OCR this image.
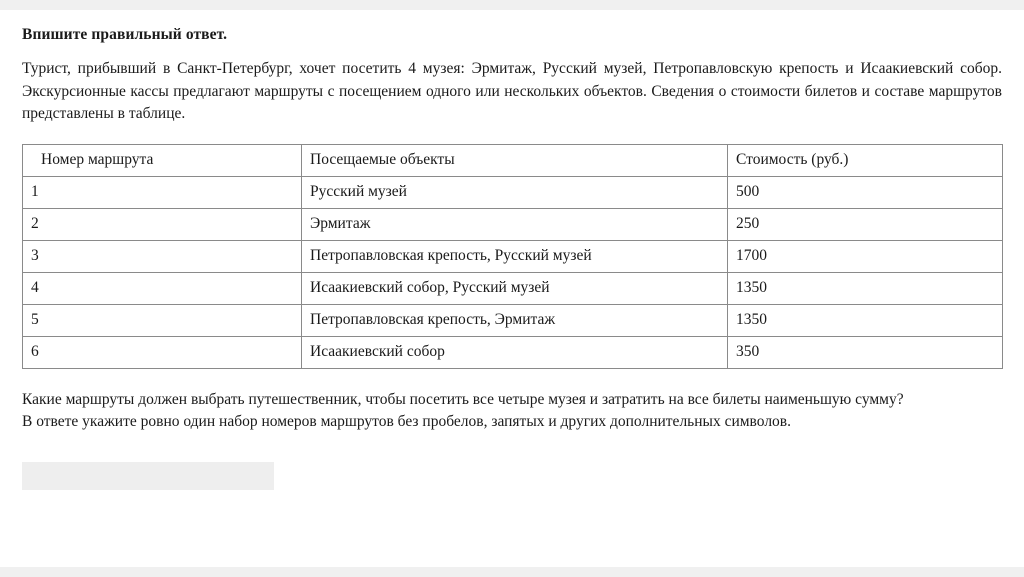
Впишите правильный ответ.
Турист, прибывший в Санкт-Петербург, хочет посетить 4 музея: Эрмитаж, Русский музей, Петропавловскую крепость и Исаакиевский собор. Экскурсионные кассы предлагают маршруты с посещением одного или нескольких объектов. Сведения о стоимости билетов и составе маршрутов представлены в таблице.
Номер маршрута	Посещаемые объекты	Стоимость (руб.)
1	Русский музей	500
2	Эрмитаж	250
3	Петропавловская крепость, Русский музей	1700
4	Исаакиевский собор, Русский музей	1350
5	Петропавловская крепость, Эрмитаж	1350
6	Исаакиевский собор	350
Какие маршруты должен выбрать путешественник, чтобы посетить все четыре музея и затратить на все билеты наименьшую сумму?
В ответе укажите ровно один набор номеров маршрутов без пробелов, запятых и других дополнительных символов.
